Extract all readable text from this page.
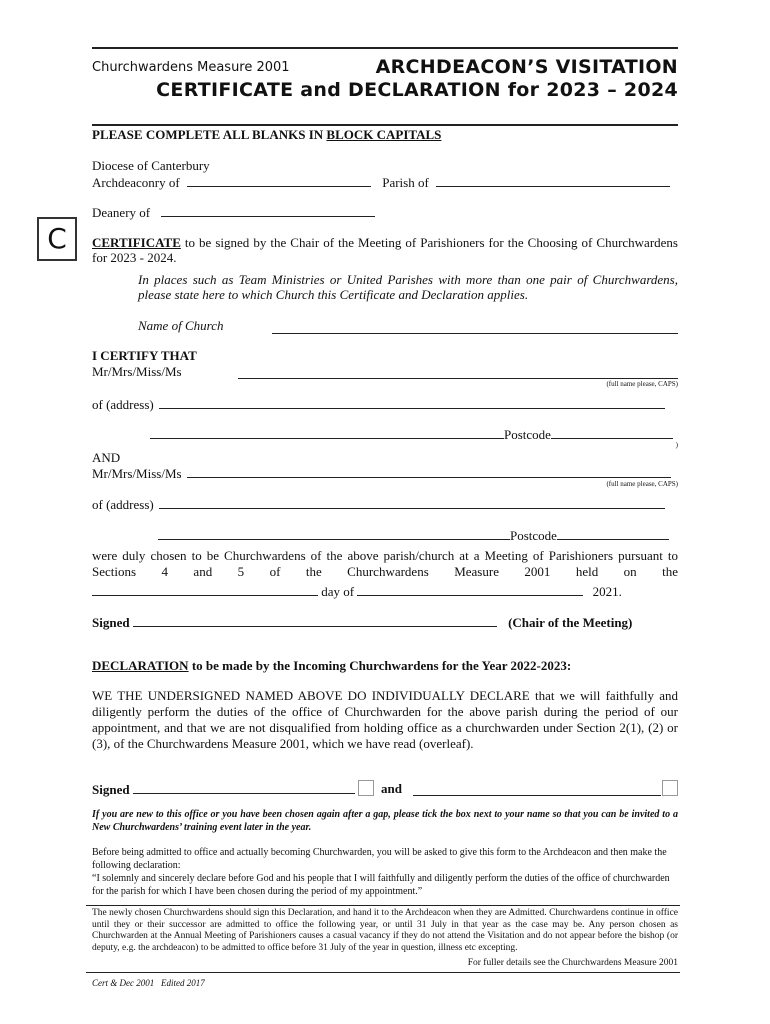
Churchwardens Measure 2001	ARCHDEACON’S VISITATION
CERTIFICATE and DECLARATION for 2023 – 2024
PLEASE COMPLETE ALL BLANKS IN BLOCK CAPITALS
Diocese of Canterbury
Archdeaconry of	Parish of
Deanery of
C	CERTIFICATE to be signed by the Chair of the Meeting of Parishioners for the Choosing of Churchwardens for 2023 - 2024.
In places such as Team Ministries or United Parishes with more than one pair of Churchwardens, please state here to which Church this Certificate and Declaration applies.
Name of Church
I CERTIFY THAT
Mr/Mrs/Miss/Ms
(full name please, CAPS)
of (address)
Postcode
)
AND
Mr/Mrs/Miss/Ms
(full name please, CAPS)
of (address)
Postcode
were duly chosen to be Churchwardens of the above parish/church at a Meeting of Parishioners pursuant to Sections 4 and 5 of the Churchwardens Measure 2001 held on the
day of	2021.
Signed	(Chair of the Meeting)
DECLARATION to be made by the Incoming Churchwardens for the Year 2022-2023:
WE THE UNDERSIGNED NAMED ABOVE DO INDIVIDUALLY DECLARE that we will faithfully and diligently perform the duties of the office of Churchwarden for the above parish during the period of our appointment, and that we are not disqualified from holding office as a churchwarden under Section 2(1), (2) or (3), of the Churchwardens Measure 2001, which we have read (overleaf).
Signed	and
If you are new to this office or you have been chosen again after a gap, please tick the box next to your name so that you can be invited to a New Churchwardens’ training event later in the year.
Before being admitted to office and actually becoming Churchwarden, you will be asked to give this form to the Archdeacon and then make the following declaration:
“I solemnly and sincerely declare before God and his people that I will faithfully and diligently perform the duties of the office of churchwarden for the parish for which I have been chosen during the period of my appointment.”
The newly chosen Churchwardens should sign this Declaration, and hand it to the Archdeacon when they are Admitted. Churchwardens continue in office until they or their successor are admitted to office the following year, or until 31 July in that year as the case may be. Any person chosen as Churchwarden at the Annual Meeting of Parishioners causes a casual vacancy if they do not attend the Visitation and do not appear before the bishop (or deputy, e.g. the archdeacon) to be admitted to office before 31 July of the year in question, illness etc excepting.
For fuller details see the Churchwardens Measure 2001
Cert & Dec 2001   Edited 2017
